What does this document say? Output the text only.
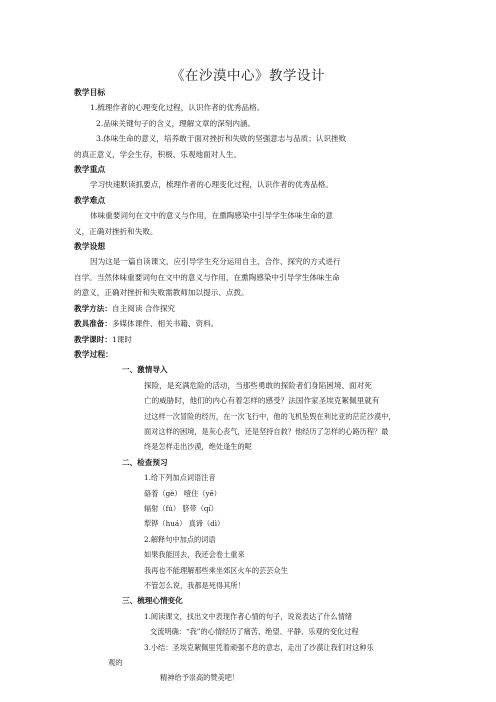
《在沙漠中心》教学设计
教学目标
1.梳理作者的心理变化过程，认识作者的优秀品格。
2.品味关键句子的含义，理解文章的深刻内涵。
3.体味生命的意义，培养敢于面对挫折和失败的坚强意志与品质；认识挫败
的真正意义，学会生存，积极、乐观地面对人生。
教学重点
学习快速默读抓要点，梳理作者的心理变化过程，认识作者的优秀品格。
教学难点
体味重要词句在文中的意义与作用，在熏陶感染中引导学生体味生命的意
义，正确对挫折和失败。
教学设想
因为这是一篇自读课文，应引导学生充分运用自主、合作、探究的方式进行
自学。当然体味重要词句在文中的意义与作用，在熏陶感染中引导学生体味生命
的意义，正确对挫折和失败需教师加以提示、点拨。
教学方法：自主阅读 合作探究
教具准备：多媒体课件、相关书籍、资料。
教学课时：1课时
教学过程：
一、激情导入
探险，是充满危险的活动，当那些勇敢的探险者们身陷困境、面对死
亡的威胁时，他们的内心有着怎样的感受？法国作家圣埃克絮佩里就有
过这样一次冒险的经历，在一次飞行中，他的飞机坠毁在利比亚的茫茫沙漠中，
面对这样的困境，是灰心丧气，还是坚持自救？他经历了怎样的心路历程？最
终是怎样走出沙漠，绝处逢生的呢
二、检查预习
1.给下列加点词语注音
硌着（gè） 噎住（yē）
辐射（fú） 脐带（qí）
犁铧（huá） 真谛（dì）
2.解释句中加点的词语
如果我能回去，我还会卷土重来
我再也不能理解那些乘坐郊区火车的芸芸众生
不管怎么说，我都是死得其所！
三、梳理心情变化
1.阅读课文，找出文中表现作者心情的句子，说说表达了什么情绪
交流明确：“我”的心情经历了痛苦、绝望、平静、乐观的变化过程
3.小结：圣埃克絮佩里凭着顽强不息的意志，走出了沙漠让我们对这种乐
观的
精神给予崇高的赞美吧！
